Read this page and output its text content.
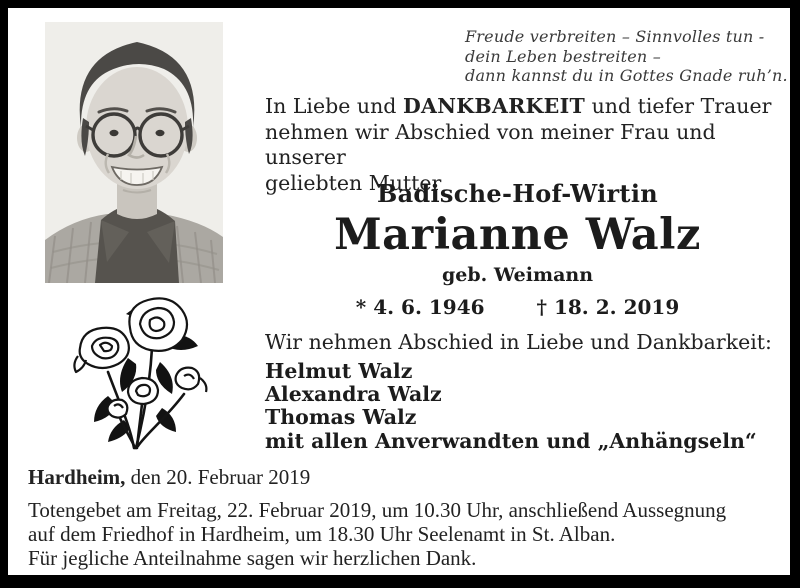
Freude verbreiten – Sinnvolles tun -
dein Leben bestreiten –
dann kannst du in Gottes Gnade ruh’n.
In Liebe und DANKBARKEIT und tiefer Trauer
nehmen wir Abschied von meiner Frau und unserer
geliebten Mutter
Badische-Hof-Wirtin
Marianne Walz
geb. Weimann
* 4. 6. 1946	† 18. 2. 2019
Wir nehmen Abschied in Liebe und Dankbarkeit:
Helmut Walz
Alexandra Walz
Thomas Walz
mit allen Anverwandten und „Anhängseln“
Hardheim, den 20. Februar 2019
Totengebet am Freitag, 22. Februar 2019, um 10.30 Uhr, anschließend Aussegnung
auf dem Friedhof in Hardheim, um 18.30 Uhr Seelenamt in St. Alban.
Für jegliche Anteilnahme sagen wir herzlichen Dank.
